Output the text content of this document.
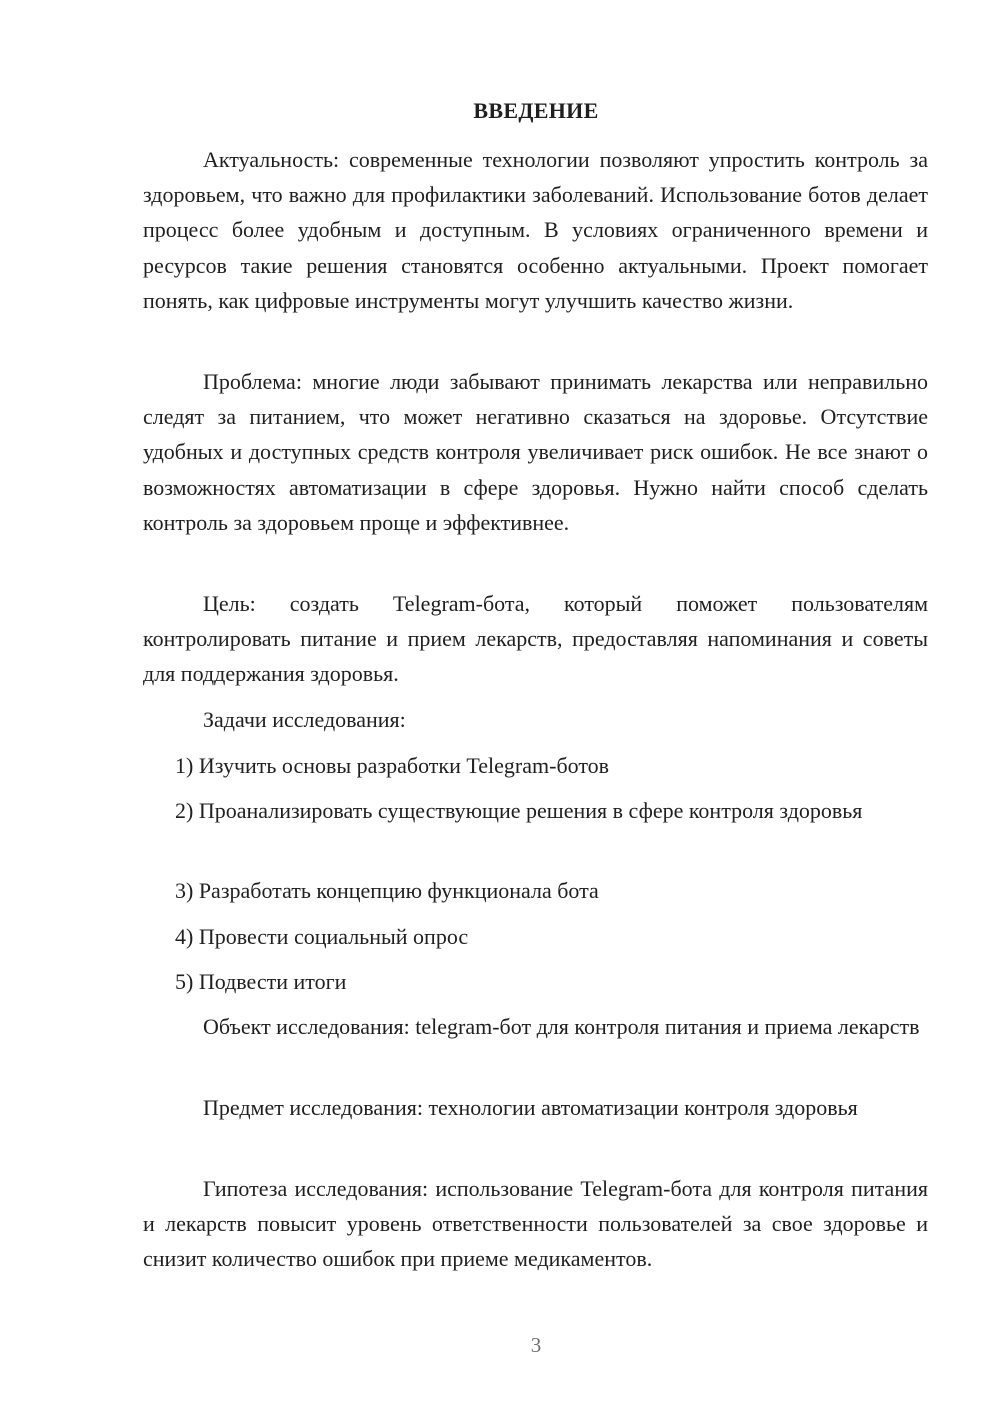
ВВЕДЕНИЕ

Актуальность: современные технологии позволяют упростить контроль за здоровьем, что важно для профилактики заболеваний. Использование ботов делает процесс более удобным и доступным. В условиях ограниченного времени и ресурсов такие решения становятся особенно актуальными. Проект помогает понять, как цифровые инструменты могут улучшить качество жизни.

Проблема: многие люди забывают принимать лекарства или неправильно следят за питанием, что может негативно сказаться на здоровье. Отсутствие удобных и доступных средств контроля увеличивает риск ошибок. Не все знают о возможностях автоматизации в сфере здоровья. Нужно найти способ сделать контроль за здоровьем проще и эффективнее.

Цель: создать Telegram-бота, который поможет пользователям контролировать питание и прием лекарств, предоставляя напоминания и советы для поддержания здоровья.

Задачи исследования:

1) Изучить основы разработки Telegram-ботов

2) Проанализировать существующие решения в сфере контроля здоровья

3) Разработать концепцию функционала бота

4) Провести социальный опрос

5) Подвести итоги

Объект исследования: telegram-бот для контроля питания и приема лекарств

Предмет исследования: технологии автоматизации контроля здоровья

Гипотеза исследования: использование Telegram-бота для контроля питания и лекарств повысит уровень ответственности пользователей за свое здоровье и снизит количество ошибок при приеме медикаментов.

3
